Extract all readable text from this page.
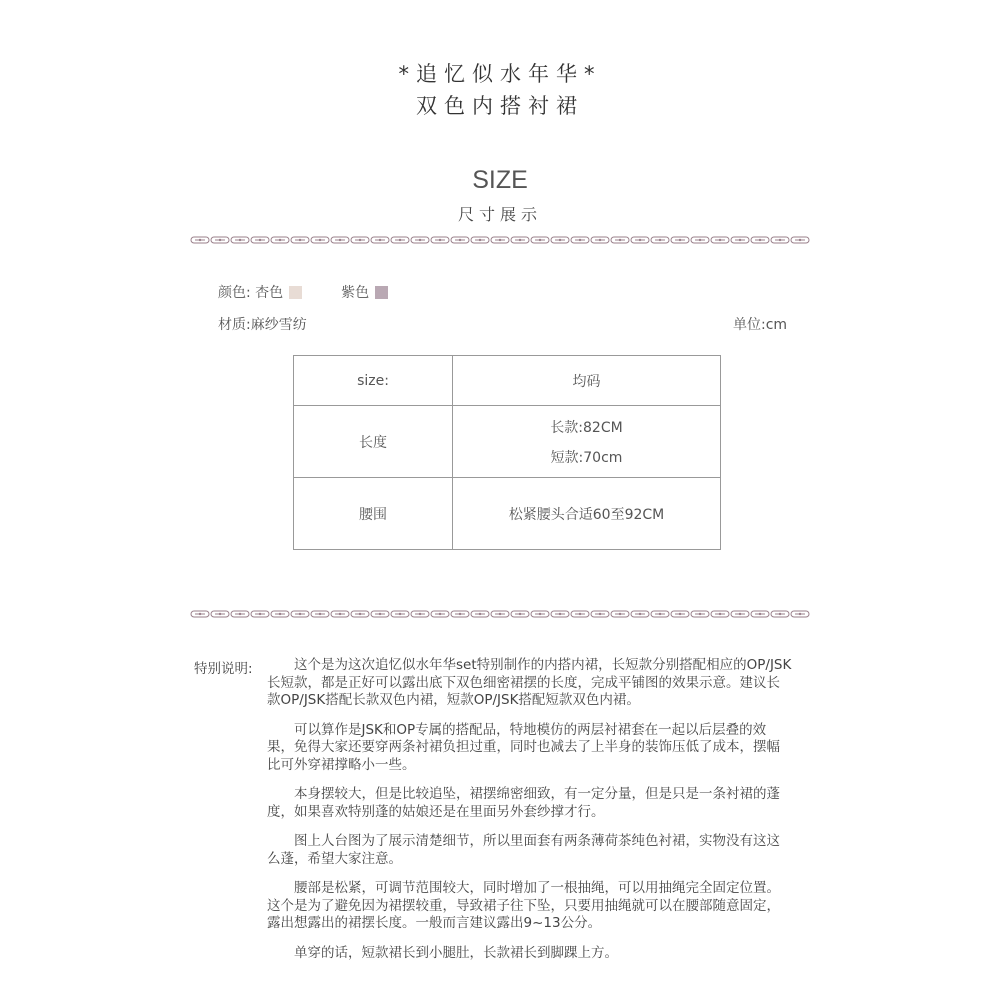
*追忆似水年华*
双色内搭衬裙
SIZE
尺寸展示
颜色: 杏色	紫色
材质:麻纱雪纺	单位:cm
size:	均码
长度	长款:82CM
短款:70cm

腰围	松紧腰头合适60至92CM
特别说明:	这个是为这次追忆似水年华set特别制作的内搭内裙，长短款分别搭配相应的OP/JSK长短款，都是正好可以露出底下双色细密裙摆的长度，完成平铺图的效果示意。建议长款OP/JSK搭配长款双色内裙，短款OP/JSK搭配短款双色内裙。

可以算作是JSK和OP专属的搭配品，特地模仿的两层衬裙套在一起以后层叠的效果，免得大家还要穿两条衬裙负担过重，同时也减去了上半身的装饰压低了成本，摆幅比可外穿裙撑略小一些。

本身摆较大，但是比较追坠，裙摆绵密细致，有一定分量，但是只是一条衬裙的蓬度，如果喜欢特别蓬的姑娘还是在里面另外套纱撑才行。

图上人台图为了展示清楚细节，所以里面套有两条薄荷茶纯色衬裙，实物没有这这么蓬，希望大家注意。

腰部是松紧，可调节范围较大，同时增加了一根抽绳，可以用抽绳完全固定位置。这个是为了避免因为裙摆较重，导致裙子往下坠，只要用抽绳就可以在腰部随意固定，露出想露出的裙摆长度。一般而言建议露出9~13公分。

单穿的话，短款裙长到小腿肚，长款裙长到脚踝上方。
